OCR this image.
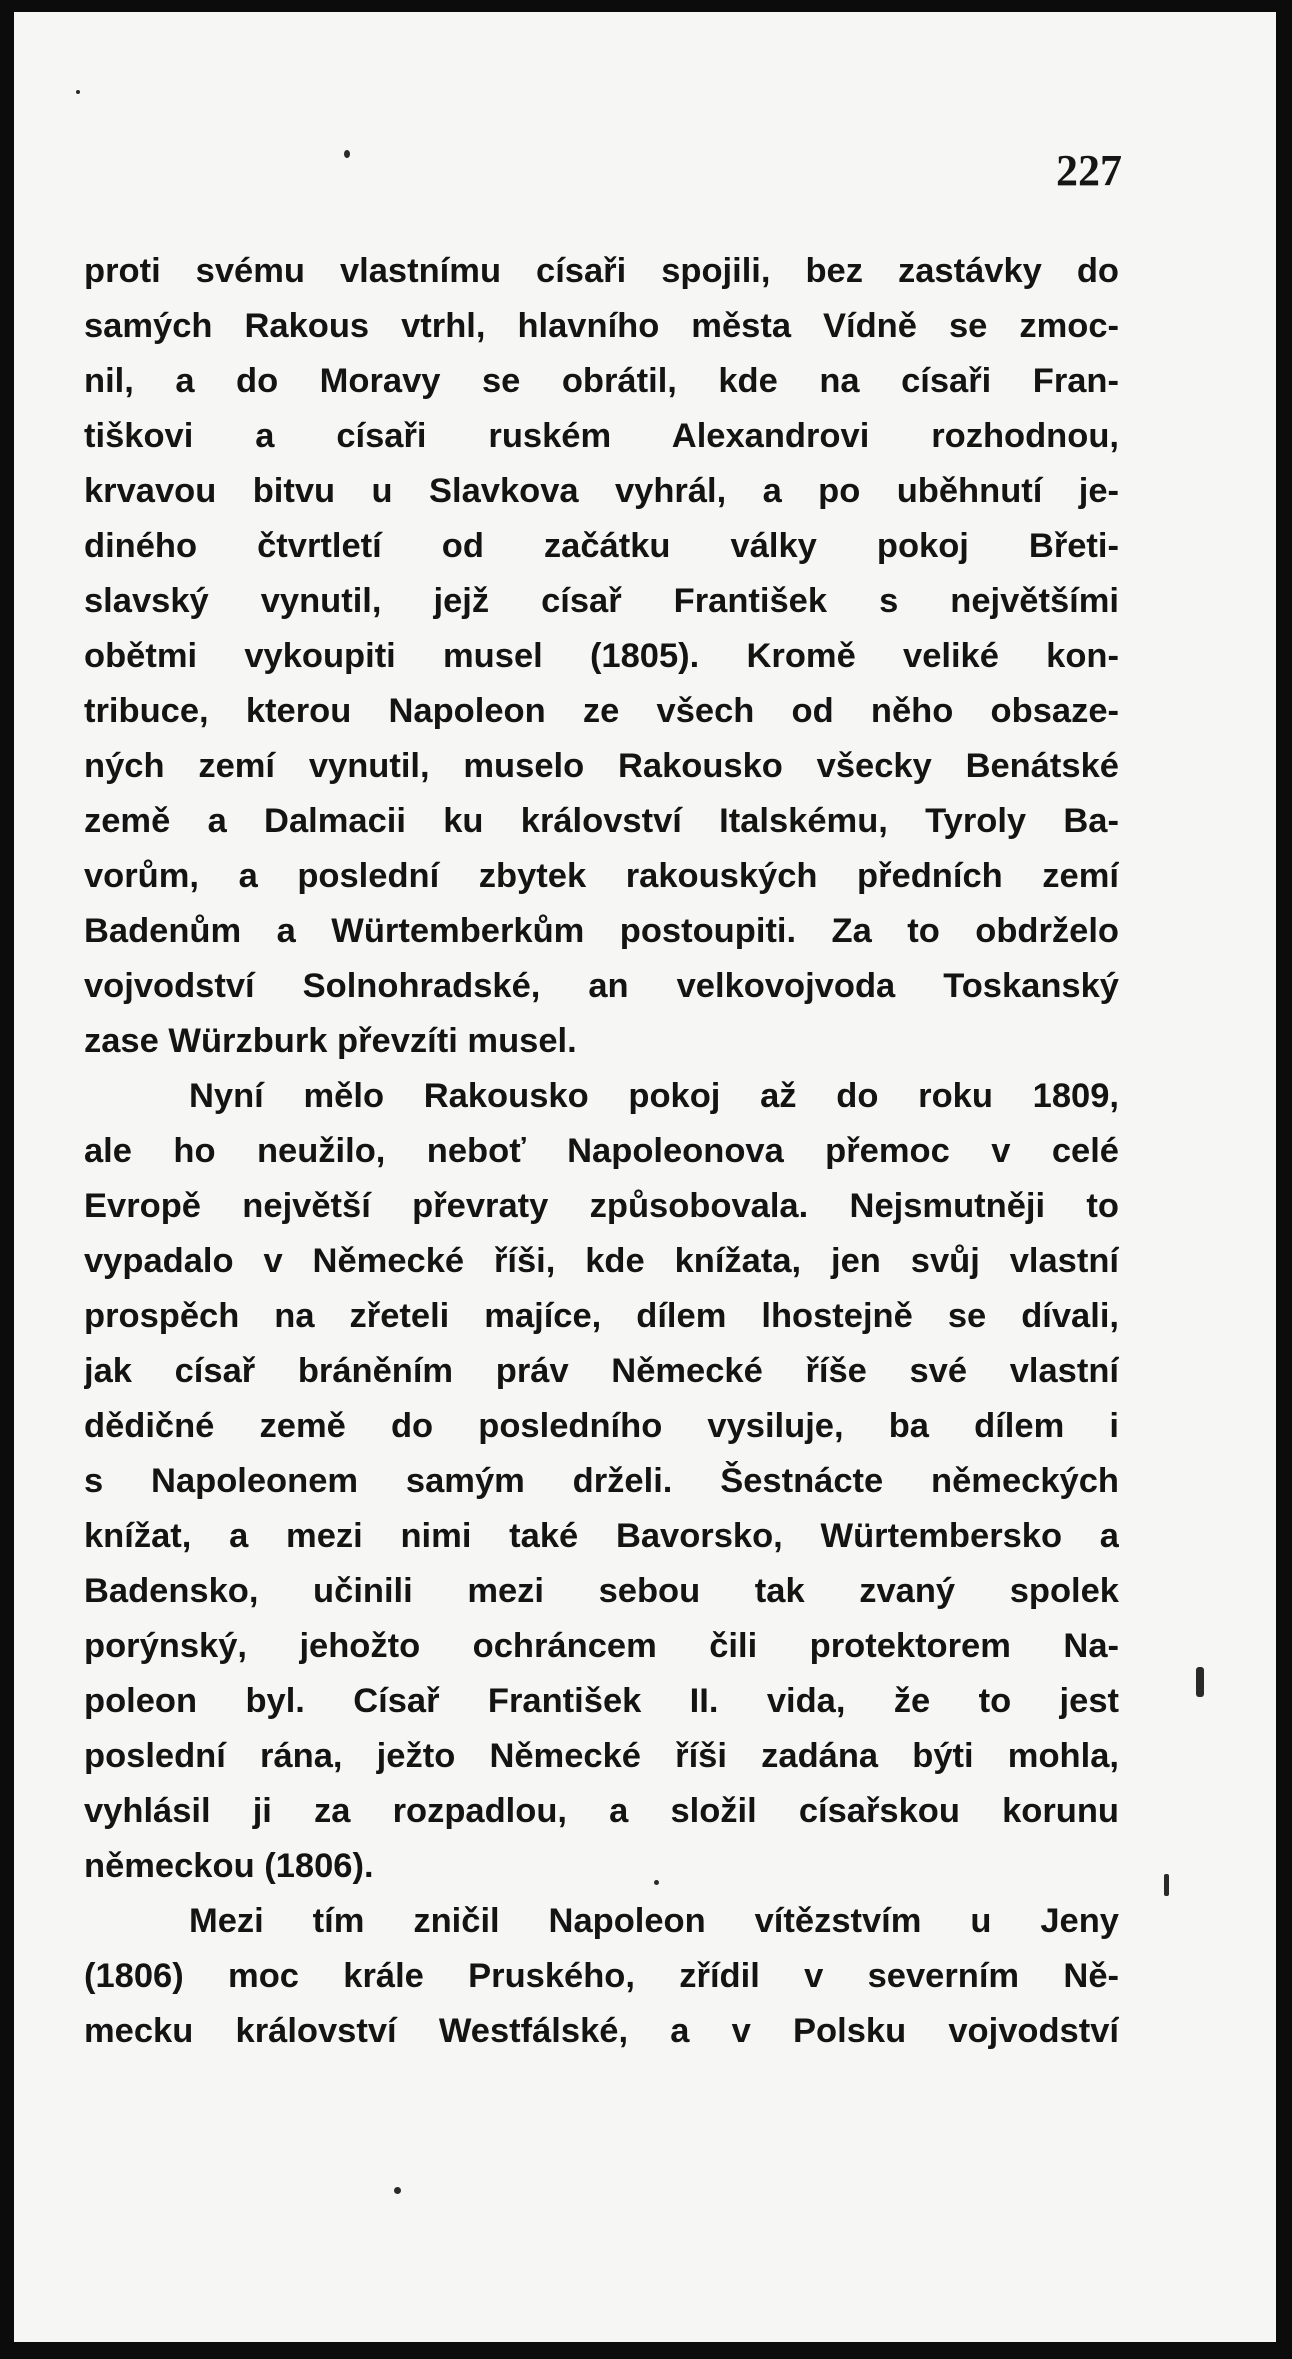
227
proti svému vlastnímu císaři spojili, bez zastávky do
samých Rakous vtrhl, hlavního města Vídně se zmoc-
nil, a do Moravy se obrátil, kde na císaři Fran-
tiškovi a císaři ruském Alexandrovi rozhodnou,
krvavou bitvu u Slavkova vyhrál, a po uběhnutí je-
diného čtvrtletí od začátku války pokoj Břeti-
slavský vynutil, jejž císař František s největšími
obětmi vykoupiti musel (1805). Kromě veliké kon-
tribuce, kterou Napoleon ze všech od něho obsaze-
ných zemí vynutil, muselo Rakousko všecky Benátské
země a Dalmacii ku království Italskému, Tyroly Ba-
vorům, a poslední zbytek rakouských předních zemí
Badenům a Würtemberkům postoupiti. Za to obdrželo
vojvodství Solnohradské, an velkovojvoda Toskanský
zase Würzburk převzíti musel.
Nyní mělo Rakousko pokoj až do roku 1809,
ale ho neužilo, neboť Napoleonova přemoc v celé
Evropě největší převraty způsobovala. Nejsmutněji to
vypadalo v Německé říši, kde knížata, jen svůj vlastní
prospěch na zřeteli majíce, dílem lhostejně se dívali,
jak císař bráněním práv Německé říše své vlastní
dědičné země do posledního vysiluje, ba dílem i
s Napoleonem samým drželi. Šestnácte německých
knížat, a mezi nimi také Bavorsko, Würtembersko a
Badensko, učinili mezi sebou tak zvaný spolek
porýnský, jehožto ochráncem čili protektorem Na-
poleon byl. Císař František II. vida, že to jest
poslední rána, ježto Německé říši zadána býti mohla,
vyhlásil ji za rozpadlou, a složil císařskou korunu
německou (1806).
Mezi tím zničil Napoleon vítězstvím u Jeny
(1806) moc krále Pruského, zřídil v severním Ně-
mecku království Westfálské, a v Polsku vojvodství
